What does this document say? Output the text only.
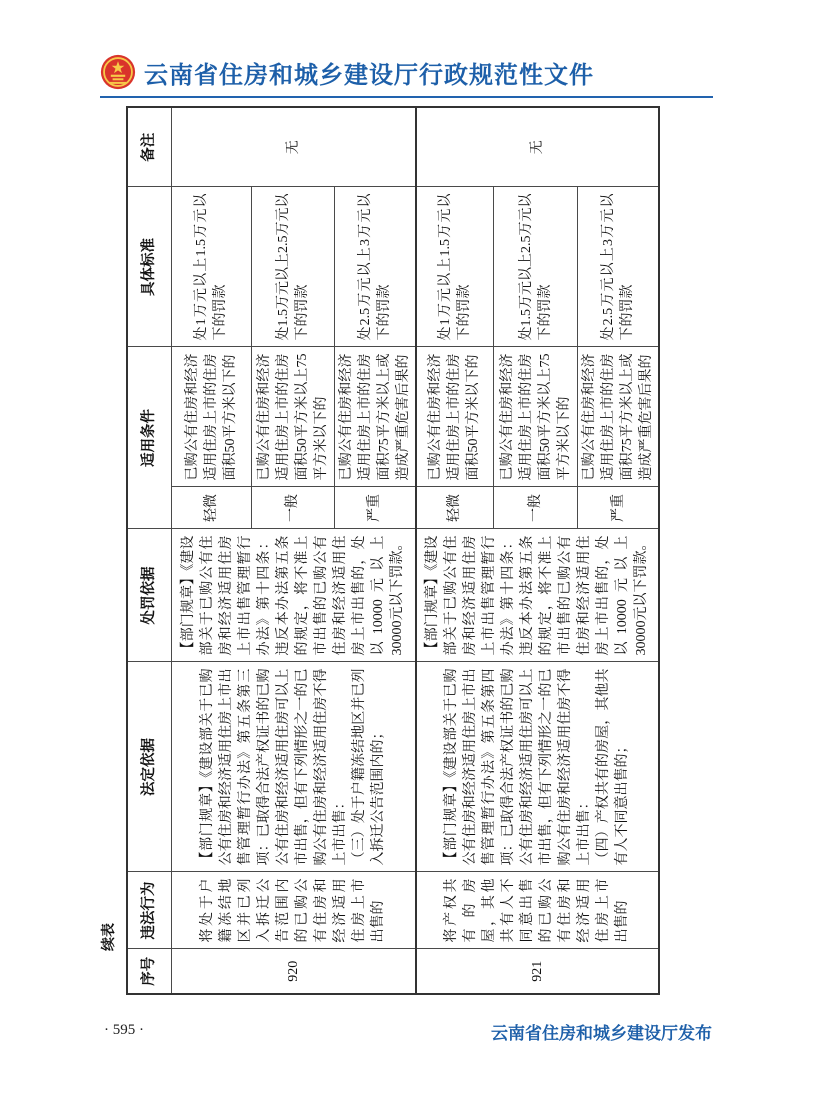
云南省住房和城乡建设厅行政规范性文件
续表
序号	违法行为	法定依据	处罚依据	适用条件		具体标准	备注
920	将处于户籍冻结地区并已列入拆迁公告范围内的已购公有住房和经济适用住房上市出售的	【部门规章】《建设部关于已购公有住房和经济适用住房上市出售管理暂行办法》第五条第三项：已取得合法产权证书的已购公有住房和经济适用住房可以上市出售，但有下列情形之一的已购公有住房和经济适用住房不得上市出售： （三）处于户籍冻结地区并已列入拆迁公告范围内的；	【部门规章】《建设部关于已购公有住房和经济适用住房上市出售管理暂行办法》第十四条：违反本办法第五条的规定，将不准上市出售的已购公有住房和经济适用住房上市出售的，处以10000元以上30000元以下罚款。	轻微	已购公有住房和经济适用住房上市的住房面积50平方米以下的	处1万元以上1.5万元以下的罚款	无
				一般	已购公有住房和经济适用住房上市的住房面积50平方米以上75平方米以下的	处1.5万元以上2.5万元以下的罚款	
				严重	已购公有住房和经济适用住房上市的住房面积75平方米以上或造成严重危害后果的	处2.5万元以上3万元以下的罚款	
921	将产权共有的房屋，其他共有人不同意出售的已购公有住房和经济适用住房上市出售的	【部门规章】《建设部关于已购公有住房和经济适用住房上市出售管理暂行办法》第五条第四项：已取得合法产权证书的已购公有住房和经济适用住房可以上市出售，但有下列情形之一的已购公有住房和经济适用住房不得上市出售： （四）产权共有的房屋，其他共有人不同意出售的；	【部门规章】《建设部关于已购公有住房和经济适用住房上市出售管理暂行办法》第十四条：违反本办法第五条的规定，将不准上市出售的已购公有住房和经济适用住房上市出售的，处以10000元以上30000元以下罚款。	轻微	已购公有住房和经济适用住房上市的住房面积50平方米以下的	处1万元以上1.5万元以下的罚款	无
				一般	已购公有住房和经济适用住房上市的住房面积50平方米以上75平方米以下的	处1.5万元以上2.5万元以下的罚款	
				严重	已购公有住房和经济适用住房上市的住房面积75平方米以上或造成严重危害后果的	处2.5万元以上3万元以下的罚款	
· 595 ·	云南省住房和城乡建设厅发布
